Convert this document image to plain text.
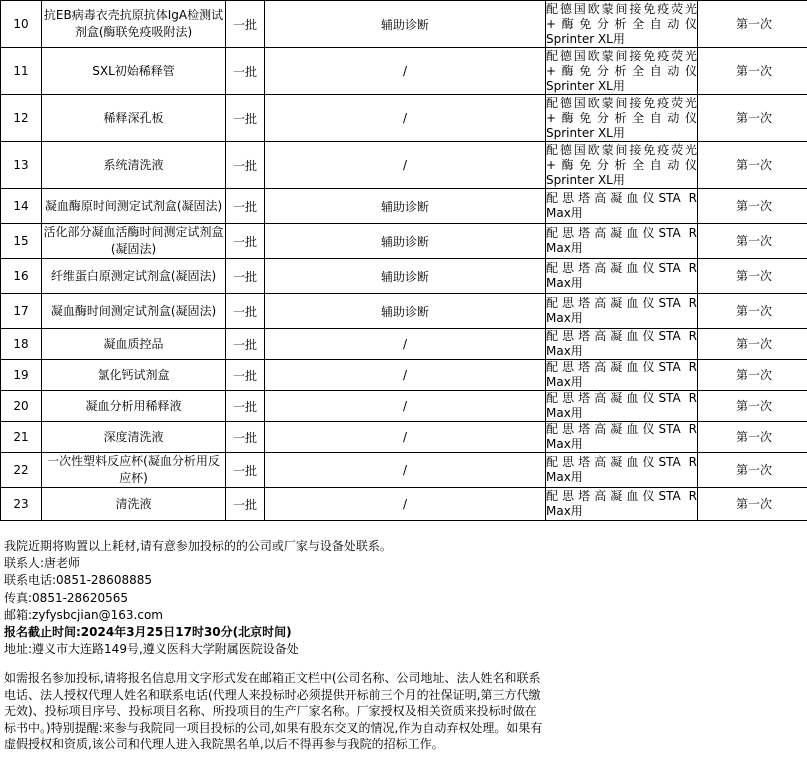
10	抗EB病毒衣壳抗原抗体IgA检测试剂盒(酶联免疫吸附法)	一批	辅助诊断	配德国欧蒙间接免疫荧光
+酶免分析全自动仪
Sprinter XL用	第一次

11	SXL初始稀释管	一批	/	配德国欧蒙间接免疫荧光
+酶免分析全自动仪
Sprinter XL用	第一次

12	稀释深孔板	一批	/	配德国欧蒙间接免疫荧光
+酶免分析全自动仪
Sprinter XL用	第一次

13	系统清洗液	一批	/	配德国欧蒙间接免疫荧光
+酶免分析全自动仪
Sprinter XL用	第一次

14	凝血酶原时间测定试剂盒(凝固法)	一批	辅助诊断	配思塔高凝血仪STA R
Max用	第一次

15	活化部分凝血活酶时间测定试剂盒(凝固法)	一批	辅助诊断	配思塔高凝血仪STA R
Max用	第一次

16	纤维蛋白原测定试剂盒(凝固法)	一批	辅助诊断	配思塔高凝血仪STA R
Max用	第一次

17	凝血酶时间测定试剂盒(凝固法)	一批	辅助诊断	配思塔高凝血仪STA R
Max用	第一次

18	凝血质控品	一批	/	配思塔高凝血仪STA R
Max用	第一次

19	氯化钙试剂盒	一批	/	配思塔高凝血仪STA R
Max用	第一次

20	凝血分析用稀释液	一批	/	配思塔高凝血仪STA R
Max用	第一次

21	深度清洗液	一批	/	配思塔高凝血仪STA R
Max用	第一次

22	一次性塑料反应杯(凝血分析用反应杯)	一批	/	配思塔高凝血仪STA R
Max用	第一次

23	清洗液	一批	/	配思塔高凝血仪STA R
Max用	第一次
我院近期将购置以上耗材,请有意参加投标的的公司或厂家与设备处联系。
联系人:唐老师
联系电话:0851-28608885
传真:0851-28620565
邮箱:zyfysbcjian@163.com
报名截止时间:2024年3月25日17时30分(北京时间)
地址:遵义市大连路149号,遵义医科大学附属医院设备处
如需报名参加投标,请将报名信息用文字形式发在邮箱正文栏中(公司名称、公司地址、法人姓名和联系电话、法人授权代理人姓名和联系电话(代理人来投标时必须提供开标前三个月的社保证明,第三方代缴无效)、投标项目序号、投标项目名称、所投项目的生产厂家名称。厂家授权及相关资质来投标时做在标书中。)特别提醒:来参与我院同一项目投标的公司,如果有股东交叉的情况,作为自动弃权处理。如果有虚假授权和资质,该公司和代理人进入我院黑名单,以后不得再参与我院的招标工作。
